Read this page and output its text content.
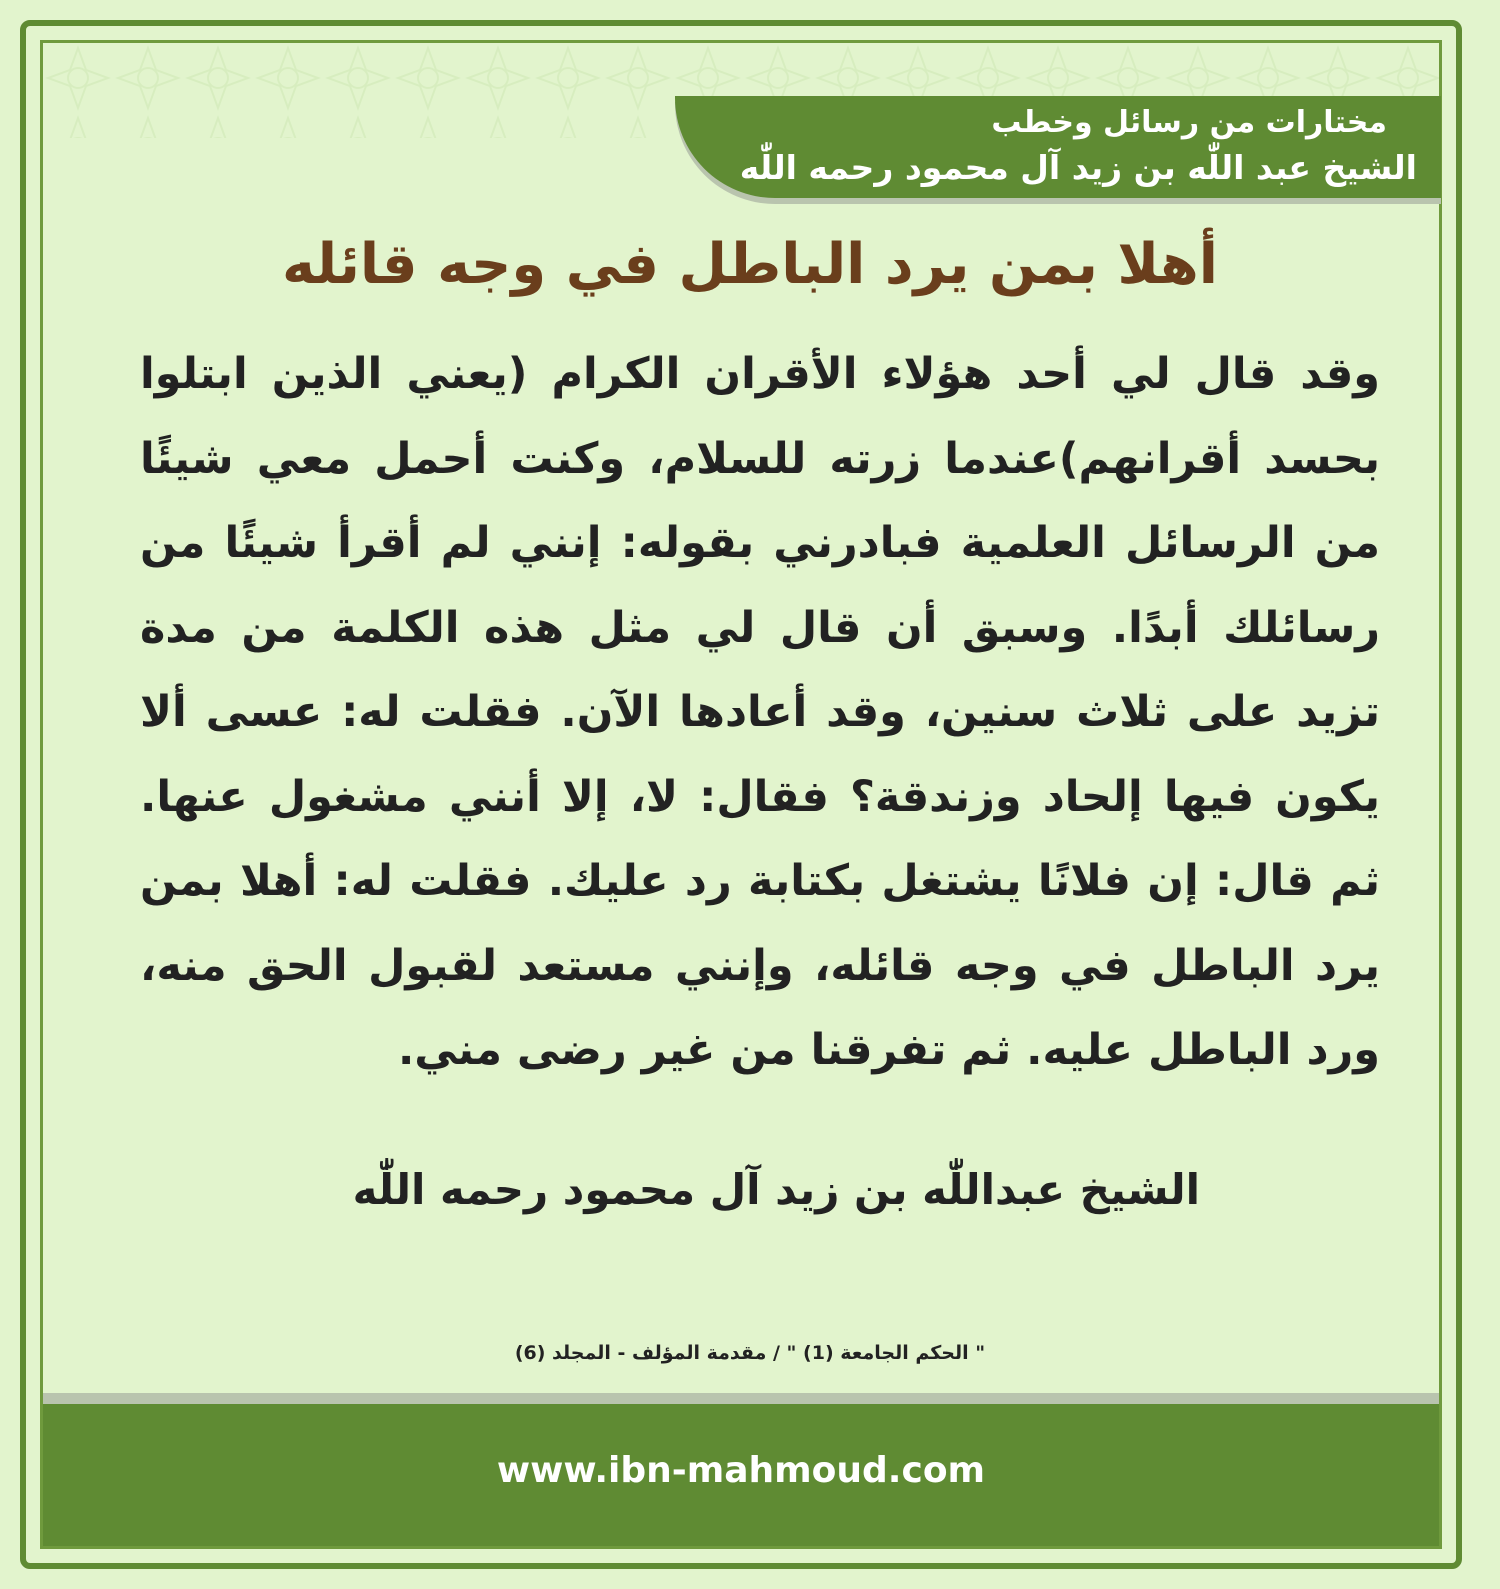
مختارات من رسائل وخطب
الشيخ عبد اللّٰه بن زيد آل محمود رحمه اللّٰه
أهلا بمن يرد الباطل في وجه قائله

وقد قال لي أحد هؤلاء الأقران الكرام (يعني الذين ابتلوا بحسد أقرانهم)عندما زرته للسلام، وكنت أحمل معي شيئًا من الرسائل العلمية فبادرني بقوله: إنني لم أقرأ شيئًا من رسائلك أبدًا. وسبق أن قال لي مثل هذه الكلمة من مدة تزيد على ثلاث سنين، وقد أعادها الآن. فقلت له: عسى ألا يكون فيها إلحاد وزندقة؟ فقال: لا، إلا أنني مشغول عنها. ثم قال: إن فلانًا يشتغل بكتابة رد عليك. فقلت له: أهلا بمن يرد الباطل في وجه قائله، وإنني مستعد لقبول الحق منه، ورد الباطل عليه. ثم تفرقنا من غير رضى مني.

الشيخ عبداللّٰه بن زيد آل محمود رحمه اللّٰه
" الحكم الجامعة (1) " / مقدمة المؤلف - المجلد (6)
www.ibn-mahmoud.com
